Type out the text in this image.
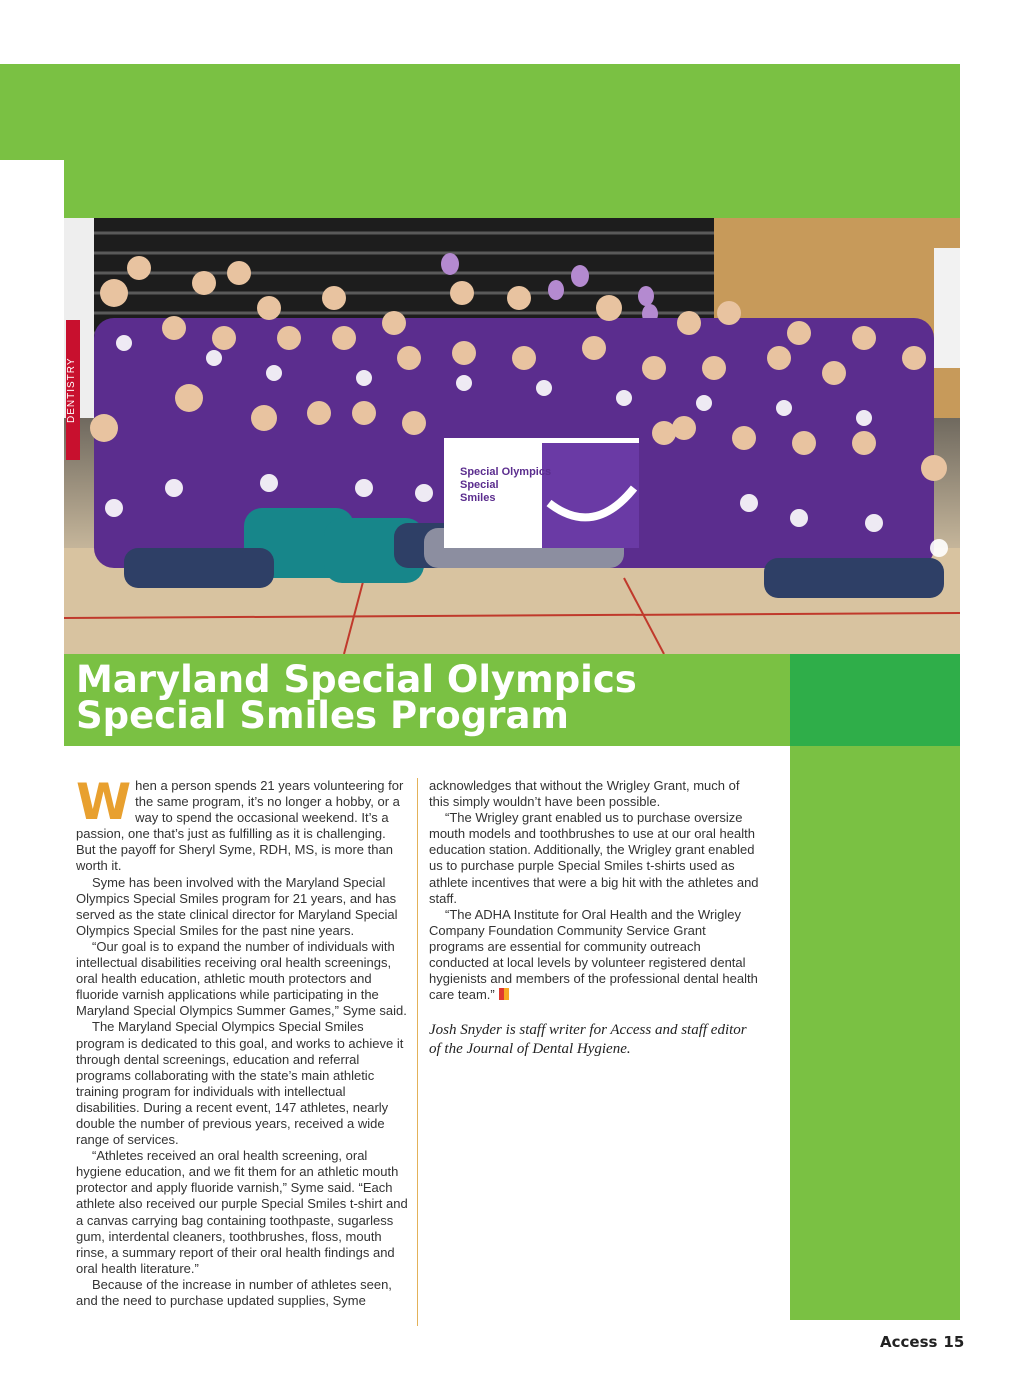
Special Olympics
Special
Smiles
DENTISTRY
Maryland Special Olympics Special Smiles Program

When a person spends 21 years volunteering for the same program, it’s no longer a hobby, or a way to spend the occasional weekend. It’s a passion, one that’s just as fulfilling as it is challenging. But the payoff for Sheryl Syme, RDH, MS, is more than worth it.

Syme has been involved with the Maryland Special Olympics Special Smiles program for 21 years, and has served as the state clinical director for Maryland Special Olympics Special Smiles for the past nine years.

“Our goal is to expand the number of individuals with intellectual disabilities receiving oral health screenings, oral health education, athletic mouth protectors and fluoride varnish applications while participating in the Maryland Special Olympics Summer Games,” Syme said.

The Maryland Special Olympics Special Smiles program is dedicated to this goal, and works to achieve it through dental screenings, education and referral programs collaborating with the state’s main athletic training program for individuals with intellectual disabilities. During a recent event, 147 athletes, nearly double the number of previous years, received a wide range of services.

“Athletes received an oral health screening, oral hygiene education, and we fit them for an athletic mouth protector and apply fluoride varnish,” Syme said. “Each athlete also received our purple Special Smiles t-shirt and a canvas carrying bag containing toothpaste, sugarless gum, interdental cleaners, toothbrushes, floss, mouth rinse, a summary report of their oral health findings and oral health literature.”

Because of the increase in number of athletes seen, and the need to purchase updated supplies, Syme

acknowledges that without the Wrigley Grant, much of this simply wouldn’t have been possible.

“The Wrigley grant enabled us to purchase oversize mouth models and toothbrushes to use at our oral health education station. Additionally, the Wrigley grant enabled us to purchase purple Special Smiles t-shirts used as athlete incentives that were a big hit with the athletes and staff.

“The ADHA Institute for Oral Health and the Wrigley Company Foundation Community Service Grant programs are essential for community outreach conducted at local levels by volunteer registered dental hygienists and members of the professional dental health care team.”

Josh Snyder is staff writer for Access and staff editor of the Journal of Dental Hygiene.
Access 15
